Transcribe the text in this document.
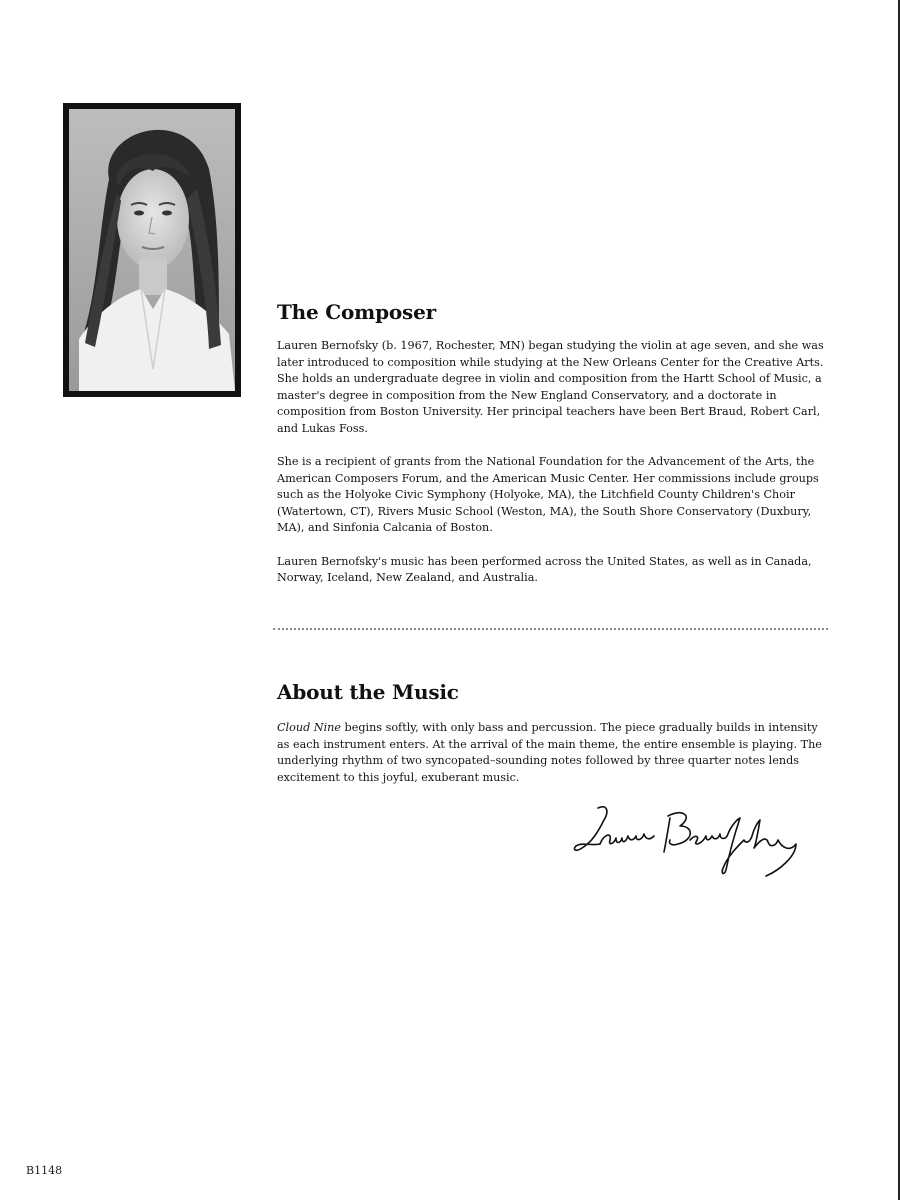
The Composer

Lauren Bernofsky (b. 1967, Rochester, MN) began studying the violin at age seven, and she was later introduced to composition while studying at the New Orleans Center for the Creative Arts. She holds an undergraduate degree in violin and composition from the Hartt School of Music, a master's degree in composition from the New England Conservatory, and a doctorate in composition from Boston University. Her principal teachers have been Bert Braud, Robert Carl, and Lukas Foss.

She is a recipient of grants from the National Foundation for the Advancement of the Arts, the American Composers Forum, and the American Music Center. Her commissions include groups such as the Holyoke Civic Symphony (Holyoke, MA), the Litchfield County Children's Choir (Watertown, CT), Rivers Music School (Weston, MA), the South Shore Conservatory (Duxbury, MA), and Sinfonia Calcania of Boston.

Lauren Bernofsky's music has been performed across the United States, as well as in Canada, Norway, Iceland, New Zealand, and Australia.

About the Music

Cloud Nine begins softly, with only bass and percussion. The piece gradually builds in intensity as each instrument enters. At the arrival of the main theme, the entire ensemble is playing. The underlying rhythm of two syncopated–sounding notes followed by three quarter notes lends excitement to this joyful, exuberant music.

B1148
